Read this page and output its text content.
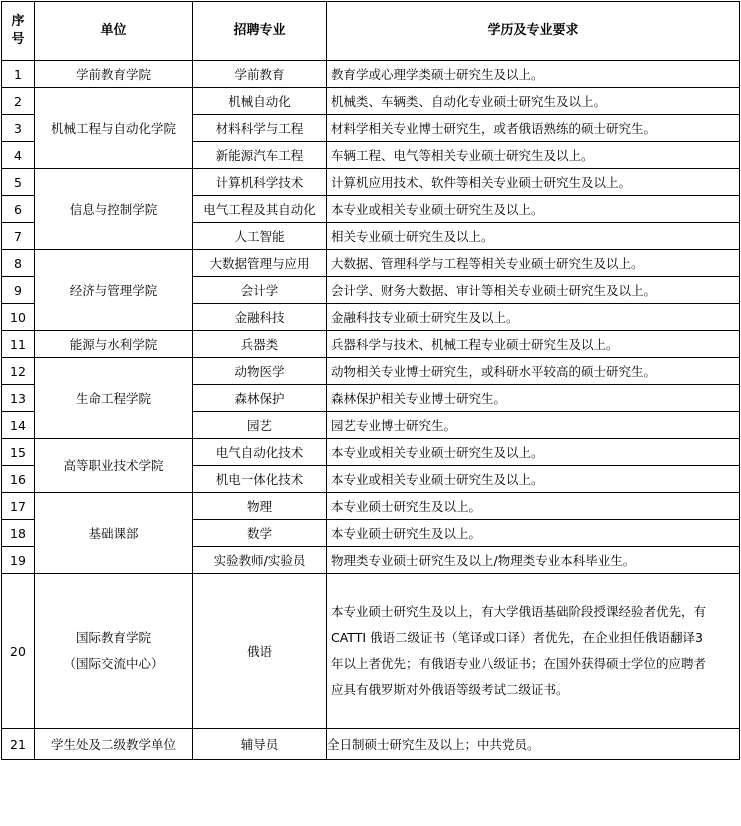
序
号	单位	招聘专业	学历及专业要求
1	学前教育学院	学前教育	教育学或心理学类硕士研究生及以上。
2	机械工程与自动化学院	机械自动化	机械类、车辆类、自动化专业硕士研究生及以上。
3		材料科学与工程	材料学相关专业博士研究生，或者俄语熟练的硕士研究生。
4		新能源汽车工程	车辆工程、电气等相关专业硕士研究生及以上。
5	信息与控制学院	计算机科学技术	计算机应用技术、软件等相关专业硕士研究生及以上。
6		电气工程及其自动化	本专业或相关专业硕士研究生及以上。
7		人工智能	相关专业硕士研究生及以上。
8	经济与管理学院	大数据管理与应用	大数据、管理科学与工程等相关专业硕士研究生及以上。
9		会计学	会计学、财务大数据、审计等相关专业硕士研究生及以上。
10		金融科技	金融科技专业硕士研究生及以上。
11	能源与水利学院	兵器类	兵器科学与技术、机械工程专业硕士研究生及以上。
12	生命工程学院	动物医学	动物相关专业博士研究生，或科研水平较高的硕士研究生。
13		森林保护	森林保护相关专业博士研究生。
14		园艺	园艺专业博士研究生。
15	高等职业技术学院	电气自动化技术	本专业或相关专业硕士研究生及以上。
16		机电一体化技术	本专业或相关专业硕士研究生及以上。
17	基础课部	物理	本专业硕士研究生及以上。
18		数学	本专业硕士研究生及以上。
19		实验教师/实验员	物理类专业硕士研究生及以上/物理类专业本科毕业生。
20	国际教育学院
（国际交流中心）	俄语	本专业硕士研究生及以上，有大学俄语基础阶段授课经验者优先，有
CATTI 俄语二级证书（笔译或口译）者优先，在企业担任俄语翻译3
年以上者优先；有俄语专业八级证书；在国外获得硕士学位的应聘者
应具有俄罗斯对外俄语等级考试二级证书。
21	学生处及二级教学单位	辅导员	全日制硕士研究生及以上；中共党员。
